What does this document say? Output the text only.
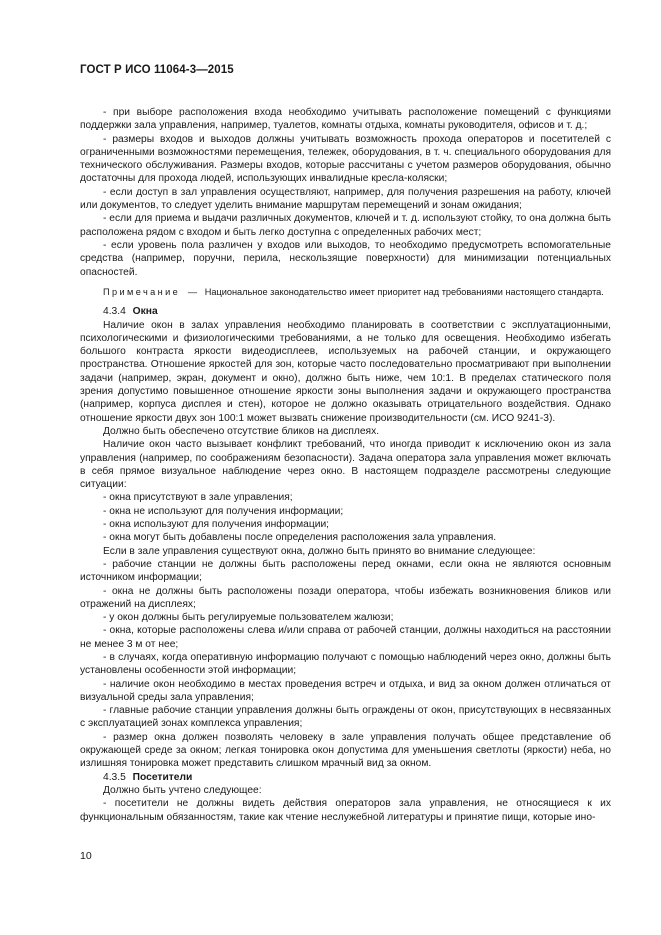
ГОСТ Р ИСО 11064-3—2015

- при выборе расположения входа необходимо учитывать расположение помещений с функциями поддержки зала управления, например, туалетов, комнаты отдыха, комнаты руководителя, офисов и т. д.;

- размеры входов и выходов должны учитывать возможность прохода операторов и посетителей с ограниченными возможностями перемещения, тележек, оборудования, в т. ч. специального оборудования для технического обслуживания. Размеры входов, которые рассчитаны с учетом размеров оборудования, обычно достаточны для прохода людей, использующих инвалидные кресла-коляски;

- если доступ в зал управления осуществляют, например, для получения разрешения на работу, ключей или документов, то следует уделить внимание маршрутам перемещений и зонам ожидания;

- если для приема и выдачи различных документов, ключей и т. д. используют стойку, то она должна быть расположена рядом с входом и быть легко доступна с определенных рабочих мест;

- если уровень пола различен у входов или выходов, то необходимо предусмотреть вспомогательные средства (например, поручни, перила, нескользящие поверхности) для минимизации потенциальных опасностей.

Примечание — Национальное законодательство имеет приоритет над требованиями настоящего стандарта.

4.3.4 Окна

Наличие окон в залах управления необходимо планировать в соответствии с эксплуатационными, психологическими и физиологическими требованиями, а не только для освещения. Необходимо избегать большого контраста яркости видеодисплеев, используемых на рабочей станции, и окружающего пространства. Отношение яркостей для зон, которые часто последовательно просматривают при выполнении задачи (например, экран, документ и окно), должно быть ниже, чем 10:1. В пределах статического поля зрения допустимо повышенное отношение яркости зоны выполнения задачи и окружающего пространства (например, корпуса дисплея и стен), которое не должно оказывать отрицательного воздействия. Однако отношение яркости двух зон 100:1 может вызвать снижение производительности (см. ИСО 9241-3).

Должно быть обеспечено отсутствие бликов на дисплеях.

Наличие окон часто вызывает конфликт требований, что иногда приводит к исключению окон из зала управления (например, по соображениям безопасности). Задача оператора зала управления может включать в себя прямое визуальное наблюдение через окно. В настоящем подразделе рассмотрены следующие ситуации:

- окна присутствуют в зале управления;

- окна не используют для получения информации;

- окна используют для получения информации;

- окна могут быть добавлены после определения расположения зала управления.

Если в зале управления существуют окна, должно быть принято во внимание следующее:

- рабочие станции не должны быть расположены перед окнами, если окна не являются основным источником информации;

- окна не должны быть расположены позади оператора, чтобы избежать возникновения бликов или отражений на дисплеях;

- у окон должны быть регулируемые пользователем жалюзи;

- окна, которые расположены слева и/или справа от рабочей станции, должны находиться на расстоянии не менее 3 м от нее;

- в случаях, когда оперативную информацию получают с помощью наблюдений через окно, должны быть установлены особенности этой информации;

- наличие окон необходимо в местах проведения встреч и отдыха, и вид за окном должен отличаться от визуальной среды зала управления;

- главные рабочие станции управления должны быть ограждены от окон, присутствующих в несвязанных с эксплуатацией зонах комплекса управления;

- размер окна должен позволять человеку в зале управления получать общее представление об окружающей среде за окном; легкая тонировка окон допустима для уменьшения светлоты (яркости) неба, но излишняя тонировка может представить слишком мрачный вид за окном.

4.3.5 Посетители

Должно быть учтено следующее:

- посетители не должны видеть действия операторов зала управления, не относящиеся к их функциональным обязанностям, такие как чтение неслужебной литературы и принятие пищи, которые ино-

10
